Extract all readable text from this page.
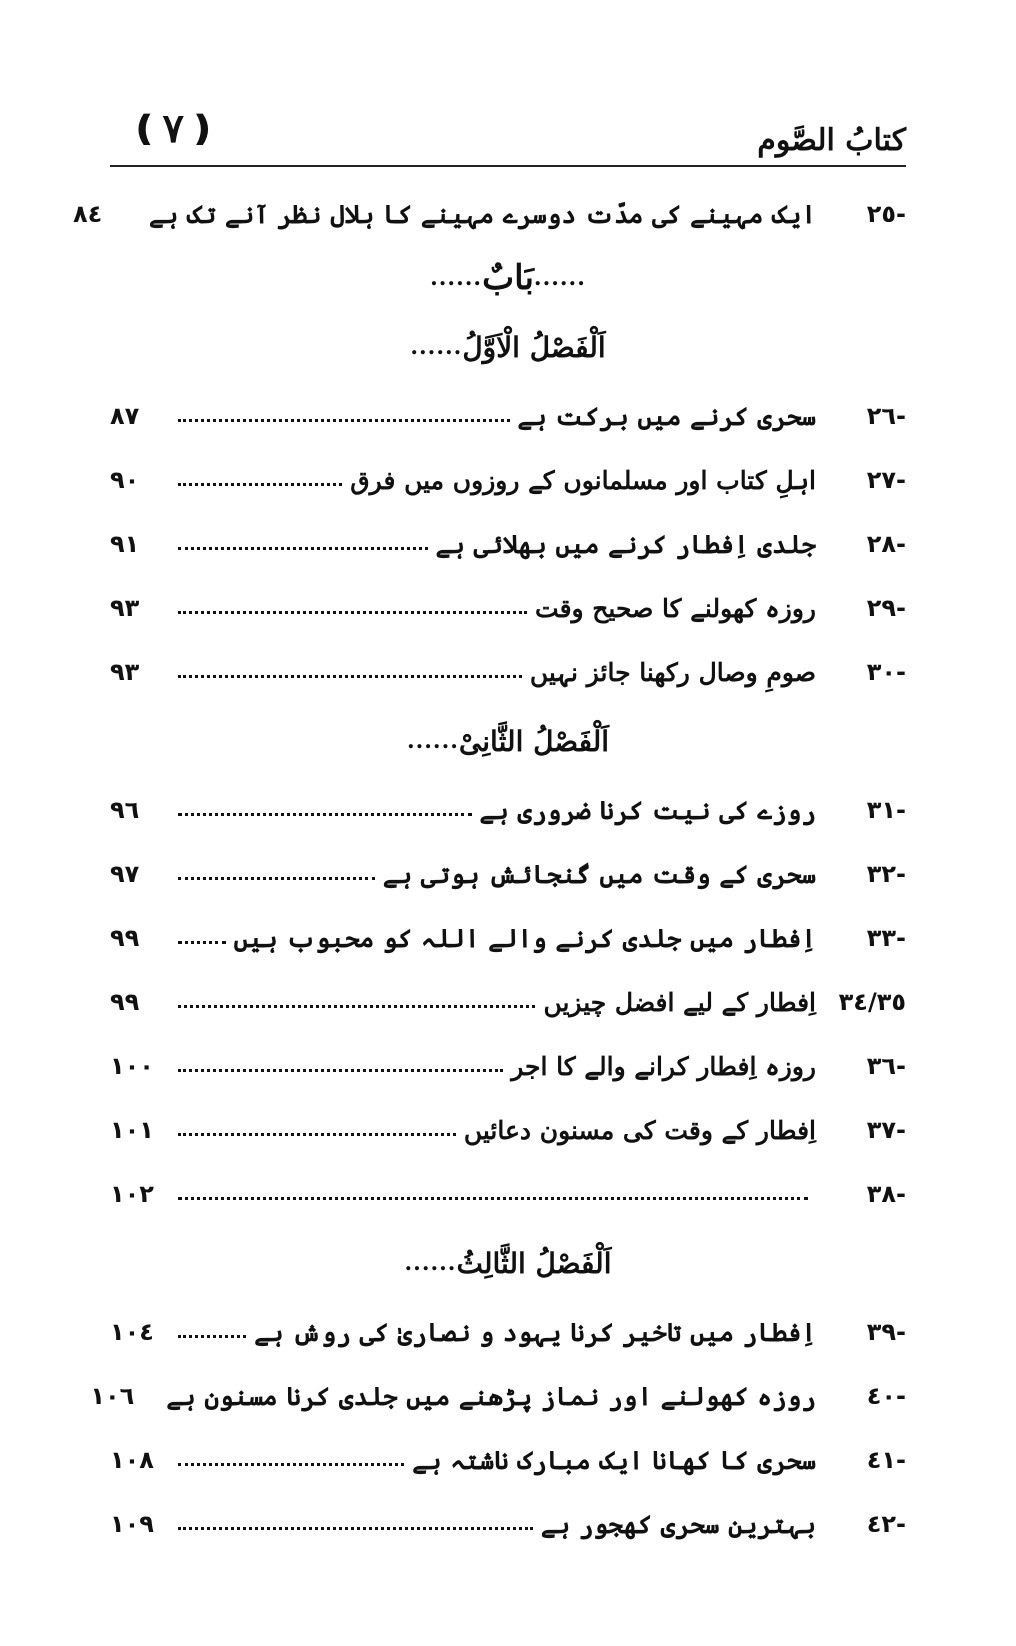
كتابُ الصَّوم
❪ ۷ ❫
-٢٥
ایک مہینے کی مدّت دوسرے مہینے کا ہلال نظر آنے تک ہے
٨٤
......
بَابٌ
......
اَلْفَصْلُ الْاَوَّلُ
......
-٢٦
سحری کرنے میں برکت ہے
٨٧
-٢٧
اہلِ کتاب اور مسلمانوں کے روزوں میں فرق
٩٠
-٢٨
جلدی اِفطار کرنے میں بھلائی ہے
٩١
-٢٩
روزہ کھولنے کا صحیح وقت
٩٣
-٣٠
صومِ وصال رکھنا جائز نہیں
٩٣
اَلْفَصْلُ الثَّانِیْ
......
-٣١
روزے کی نیت کرنا ضروری ہے
٩٦
-٣٢
سحری کے وقت میں گنجائش ہوتی ہے
٩٧
-٣٣
اِفطار میں جلدی کرنے والے اللہ کو محبوب ہیں
٩٩
٣٤/٣٥
اِفطار کے لیے افضل چیزیں
٩٩
-٣٦
روزہ اِفطار کرانے والے کا اجر
١٠٠
-٣٧
اِفطار کے وقت کی مسنون دعائیں
١٠١
-٣٨
١٠٢
اَلْفَصْلُ الثَّالِثُ
......
-٣٩
اِفطار میں تاخیر کرنا یہود و نصاریٰ کی روش ہے
١٠٤
-٤٠
روزہ کھولنے اور نماز پڑھنے میں جلدی کرنا مسنون ہے
١٠٦
-٤١
سحری کا کھانا ایک مبارک ناشتہ ہے
١٠٨
-٤٢
بہترین سحری کھجور ہے
١٠٩
